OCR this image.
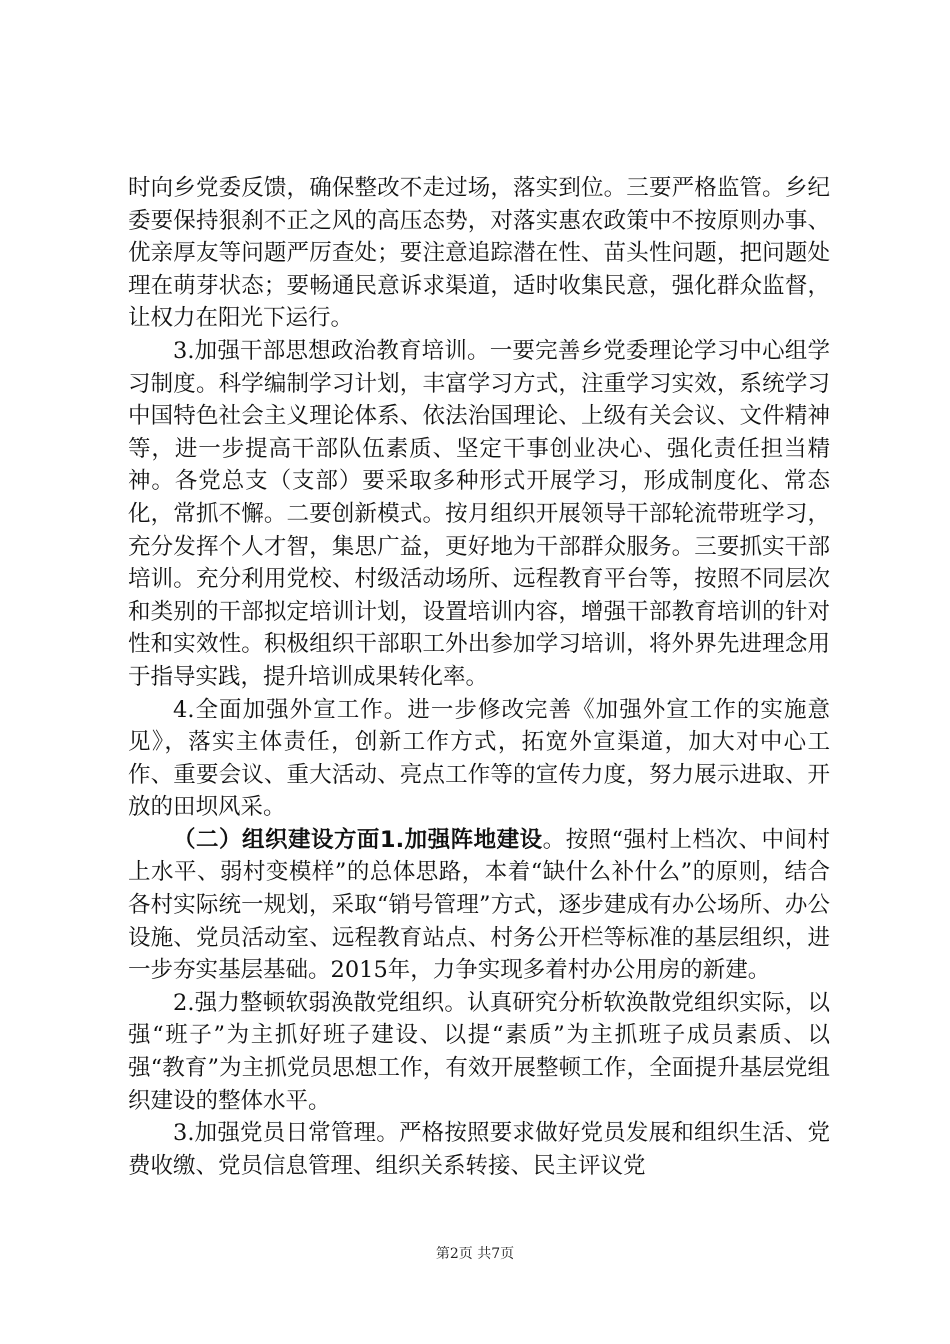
时向乡党委反馈，确保整改不走过场，落实到位。三要严格监管。乡纪委要保持狠刹不正之风的高压态势，对落实惠农政策中不按原则办事、优亲厚友等问题严厉查处；要注意追踪潜在性、苗头性问题，把问题处理在萌芽状态；要畅通民意诉求渠道，适时收集民意，强化群众监督，让权力在阳光下运行。

3.加强干部思想政治教育培训。一要完善乡党委理论学习中心组学习制度。科学编制学习计划，丰富学习方式，注重学习实效，系统学习中国特色社会主义理论体系、依法治国理论、上级有关会议、文件精神等，进一步提高干部队伍素质、坚定干事创业决心、强化责任担当精神。各党总支（支部）要采取多种形式开展学习，形成制度化、常态化，常抓不懈。二要创新模式。按月组织开展领导干部轮流带班学习，充分发挥个人才智，集思广益，更好地为干部群众服务。三要抓实干部培训。充分利用党校、村级活动场所、远程教育平台等，按照不同层次和类别的干部拟定培训计划，设置培训内容，增强干部教育培训的针对性和实效性。积极组织干部职工外出参加学习培训，将外界先进理念用于指导实践，提升培训成果转化率。

4.全面加强外宣工作。进一步修改完善《加强外宣工作的实施意见》，落实主体责任，创新工作方式，拓宽外宣渠道，加大对中心工作、重要会议、重大活动、亮点工作等的宣传力度，努力展示进取、开放的田坝风采。

（二）组织建设方面1.加强阵地建设。按照“强村上档次、中间村上水平、弱村变模样”的总体思路，本着“缺什么补什么”的原则，结合各村实际统一规划，采取“销号管理”方式，逐步建成有办公场所、办公设施、党员活动室、远程教育站点、村务公开栏等标准的基层组织，进一步夯实基层基础。2015年，力争实现多着村办公用房的新建。

2.强力整顿软弱涣散党组织。认真研究分析软涣散党组织实际，以强“班子”为主抓好班子建设、以提“素质”为主抓班子成员素质、以强“教育”为主抓党员思想工作，有效开展整顿工作，全面提升基层党组织建设的整体水平。

3.加强党员日常管理。严格按照要求做好党员发展和组织生活、党费收缴、党员信息管理、组织关系转接、民主评议党

第2页 共7页
